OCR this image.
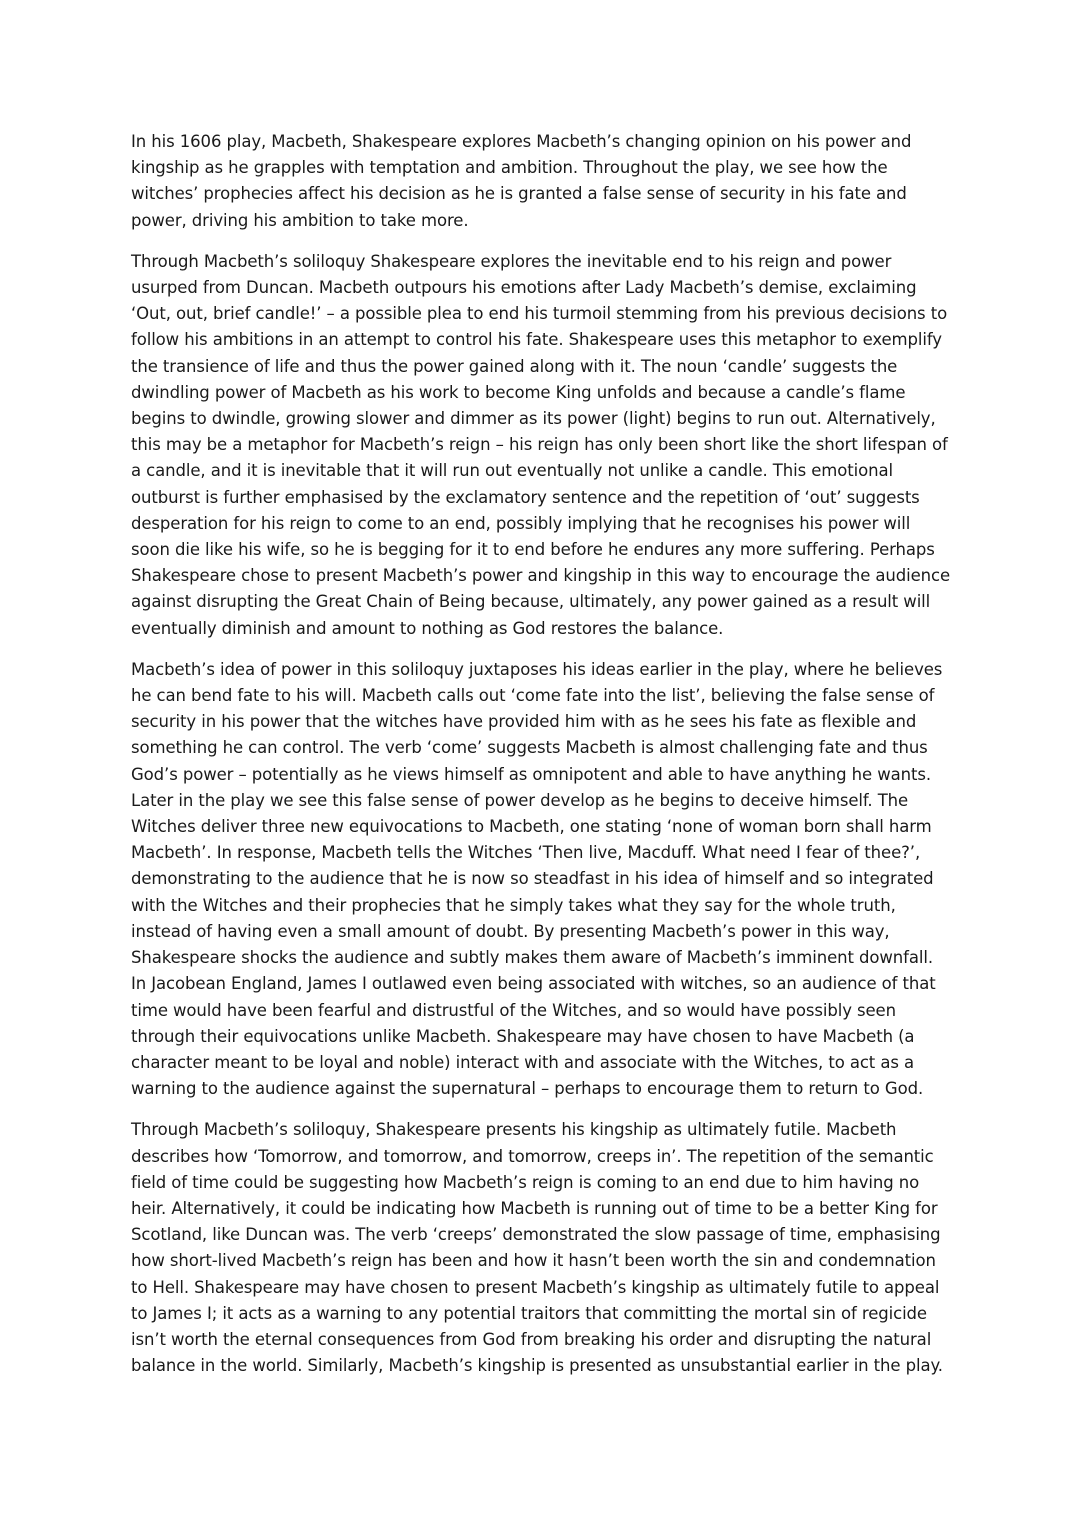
In his 1606 play, Macbeth, Shakespeare explores Macbeth’s changing opinion on his power and kingship as he grapples with temptation and ambition. Throughout the play, we see how the witches’ prophecies affect his decision as he is granted a false sense of security in his fate and power, driving his ambition to take more.

Through Macbeth’s soliloquy Shakespeare explores the inevitable end to his reign and power usurped from Duncan. Macbeth outpours his emotions after Lady Macbeth’s demise, exclaiming ‘Out, out, brief candle!’ – a possible plea to end his turmoil stemming from his previous decisions to follow his ambitions in an attempt to control his fate. Shakespeare uses this metaphor to exemplify the transience of life and thus the power gained along with it. The noun ‘candle’ suggests the dwindling power of Macbeth as his work to become King unfolds and because a candle’s flame begins to dwindle, growing slower and dimmer as its power (light) begins to run out. Alternatively, this may be a metaphor for Macbeth’s reign – his reign has only been short like the short lifespan of a candle, and it is inevitable that it will run out eventually not unlike a candle. This emotional outburst is further emphasised by the exclamatory sentence and the repetition of ‘out’ suggests desperation for his reign to come to an end, possibly implying that he recognises his power will soon die like his wife, so he is begging for it to end before he endures any more suffering. Perhaps Shakespeare chose to present Macbeth’s power and kingship in this way to encourage the audience against disrupting the Great Chain of Being because, ultimately, any power gained as a result will eventually diminish and amount to nothing as God restores the balance.

Macbeth’s idea of power in this soliloquy juxtaposes his ideas earlier in the play, where he believes he can bend fate to his will. Macbeth calls out ‘come fate into the list’, believing the false sense of security in his power that the witches have provided him with as he sees his fate as flexible and something he can control. The verb ‘come’ suggests Macbeth is almost challenging fate and thus God’s power – potentially as he views himself as omnipotent and able to have anything he wants. Later in the play we see this false sense of power develop as he begins to deceive himself. The Witches deliver three new equivocations to Macbeth, one stating ‘none of woman born shall harm Macbeth’. In response, Macbeth tells the Witches ‘Then live, Macduff. What need I fear of thee?’, demonstrating to the audience that he is now so steadfast in his idea of himself and so integrated with the Witches and their prophecies that he simply takes what they say for the whole truth, instead of having even a small amount of doubt. By presenting Macbeth’s power in this way, Shakespeare shocks the audience and subtly makes them aware of Macbeth’s imminent downfall. In Jacobean England, James I outlawed even being associated with witches, so an audience of that time would have been fearful and distrustful of the Witches, and so would have possibly seen through their equivocations unlike Macbeth. Shakespeare may have chosen to have Macbeth (a character meant to be loyal and noble) interact with and associate with the Witches, to act as a warning to the audience against the supernatural – perhaps to encourage them to return to God.

Through Macbeth’s soliloquy, Shakespeare presents his kingship as ultimately futile. Macbeth describes how ‘Tomorrow, and tomorrow, and tomorrow, creeps in’. The repetition of the semantic field of time could be suggesting how Macbeth’s reign is coming to an end due to him having no heir. Alternatively, it could be indicating how Macbeth is running out of time to be a better King for Scotland, like Duncan was. The verb ‘creeps’ demonstrated the slow passage of time, emphasising how short-lived Macbeth’s reign has been and how it hasn’t been worth the sin and condemnation to Hell. Shakespeare may have chosen to present Macbeth’s kingship as ultimately futile to appeal to James I; it acts as a warning to any potential traitors that committing the mortal sin of regicide isn’t worth the eternal consequences from God from breaking his order and disrupting the natural balance in the world. Similarly, Macbeth’s kingship is presented as unsubstantial earlier in the play.
